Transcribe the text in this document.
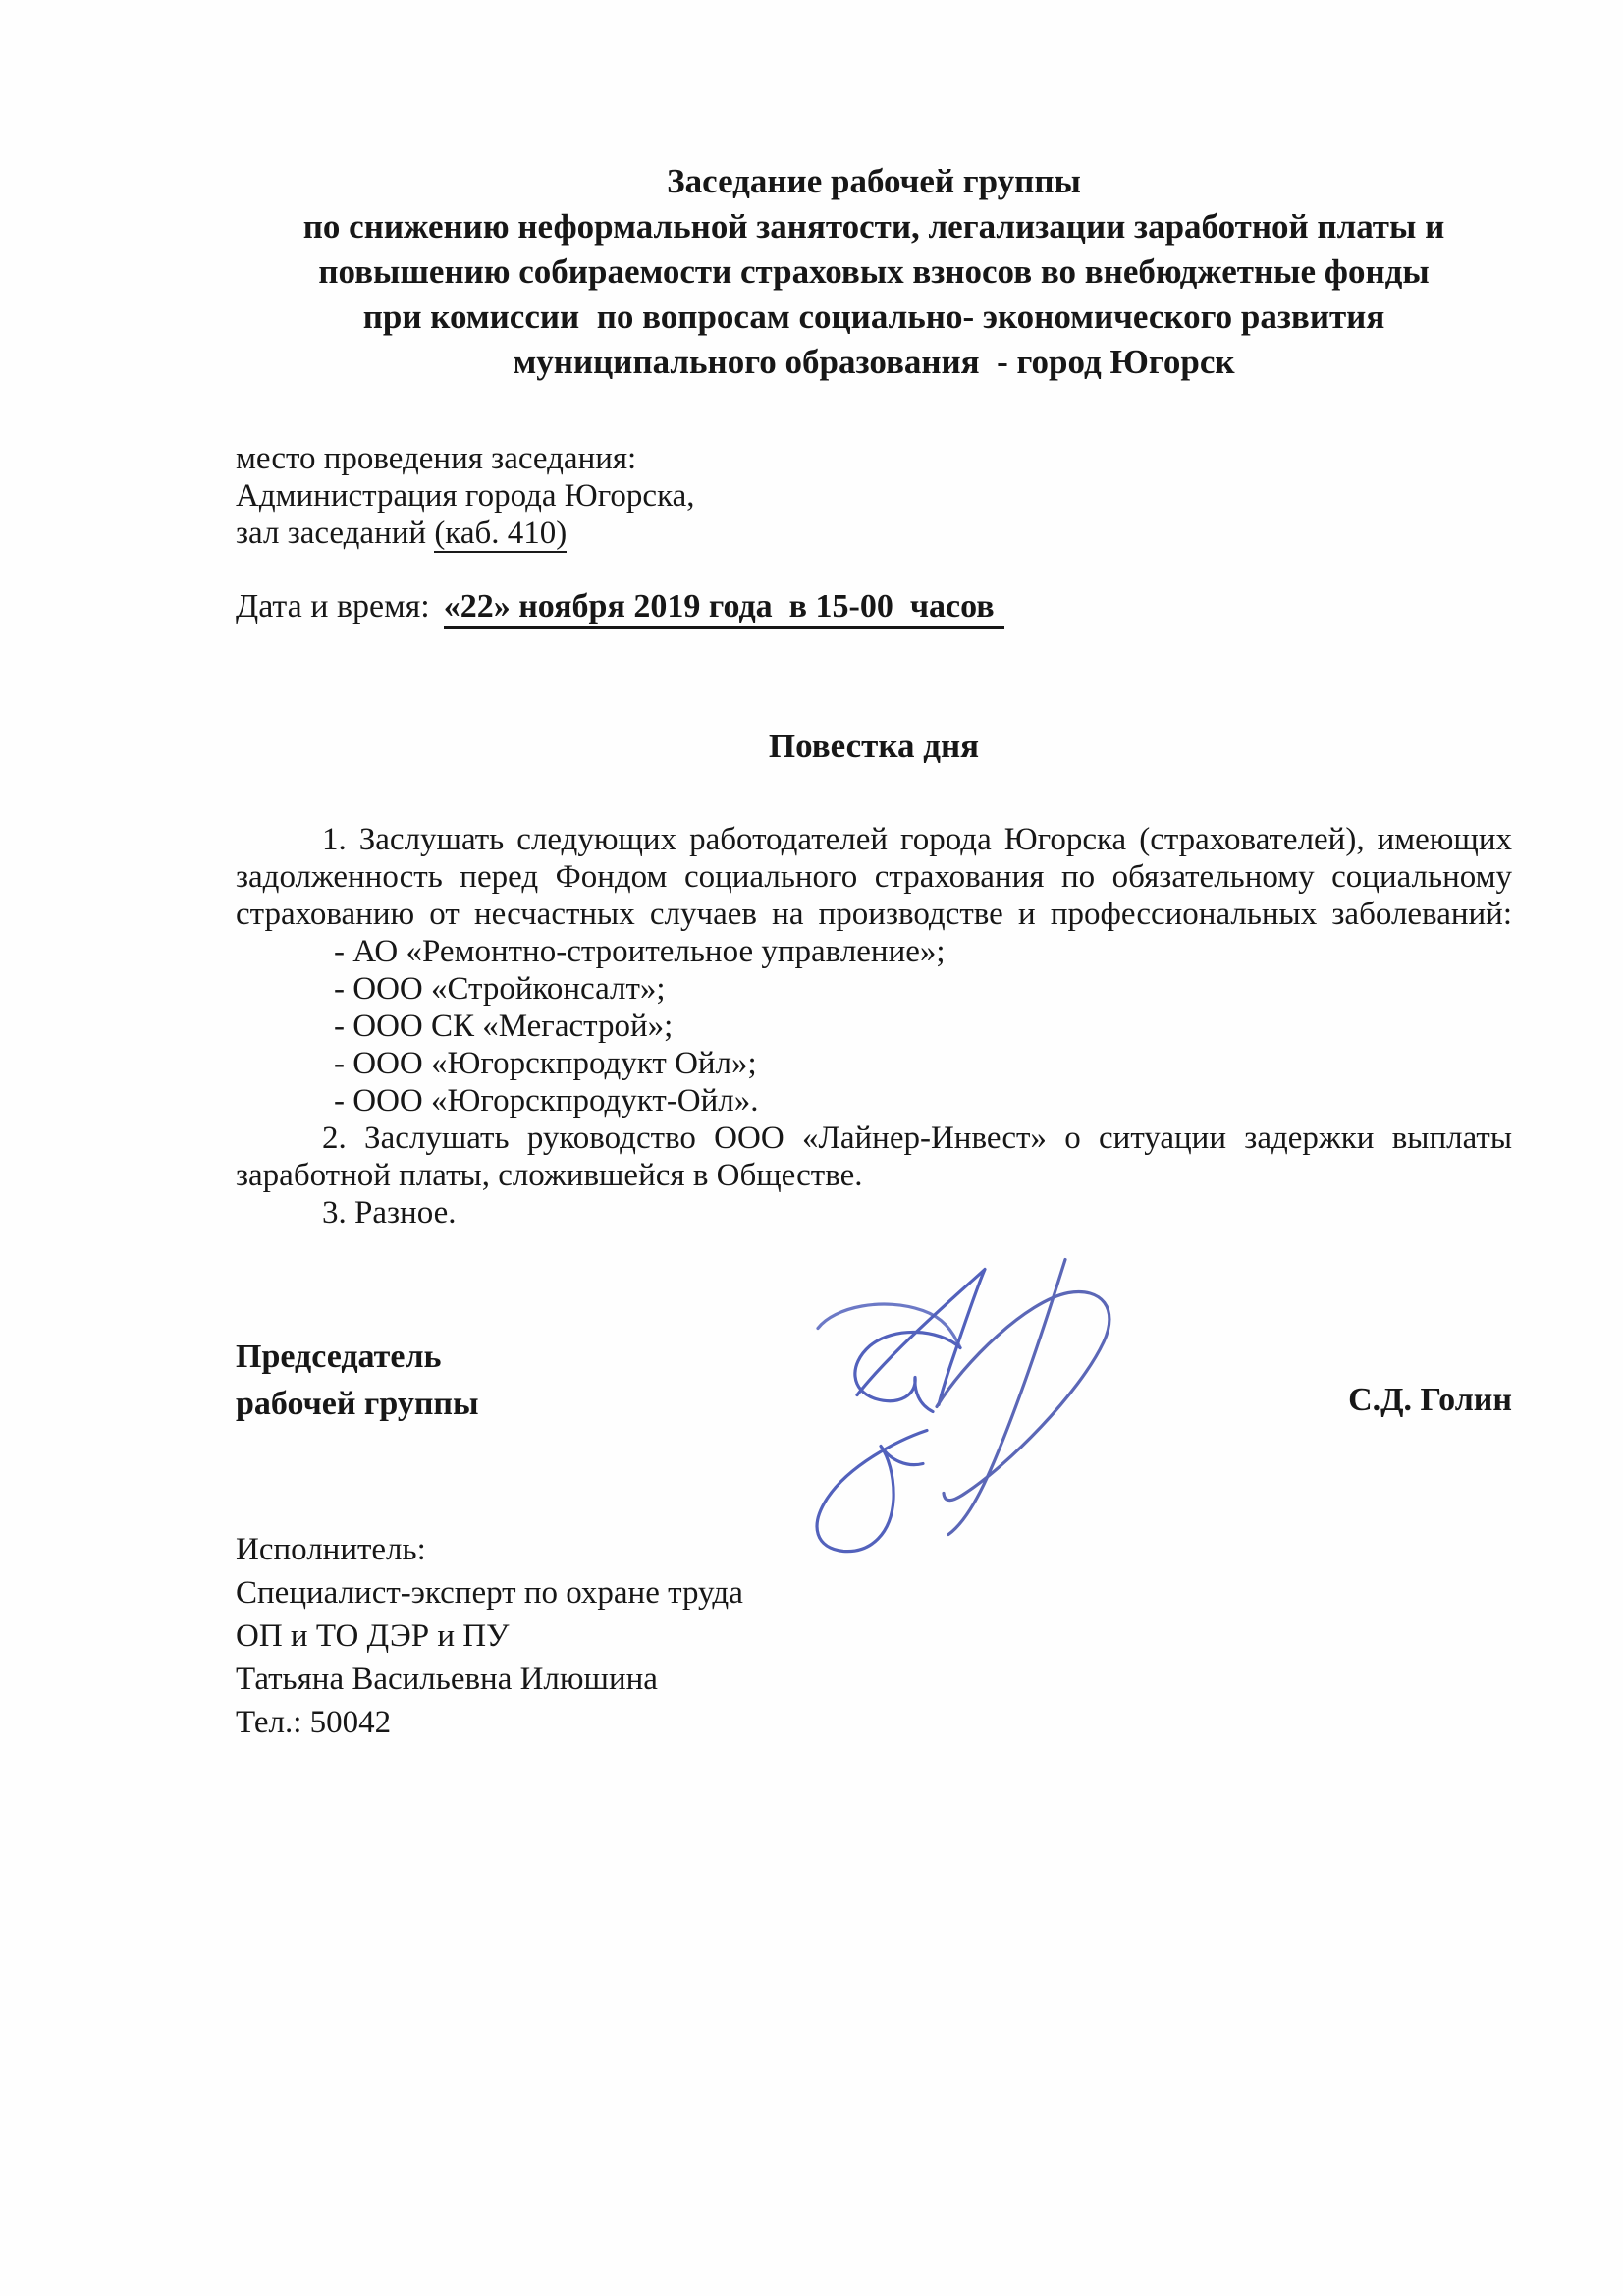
Заседание рабочей группы
по снижению неформальной занятости, легализации заработной платы и
повышению собираемости страховых взносов во внебюджетные фонды
при комиссии  по вопросам социально- экономического развития
муниципального образования  - город Югорск
место проведения заседания:
Администрация города Югорска,
зал заседаний (каб. 410)
Дата и время: «22» ноября 2019 года  в 15-00  часов
Повестка дня
1. Заслушать следующих работодателей города Югорска (страхователей), имеющих
задолженность перед Фондом социального страхования по обязательному социальному
страхованию от несчастных случаев на производстве и профессиональных заболеваний:
- АО «Ремонтно-строительное управление»;
- ООО «Стройконсалт»;
- ООО СК «Мегастрой»;
- ООО «Югорскпродукт Ойл»;
- ООО «Югорскпродукт-Ойл».
2. Заслушать руководство ООО «Лайнер-Инвест» о ситуации задержки выплаты
заработной платы, сложившейся в Обществе.
3. Разное.
Председатель
рабочей группы	С.Д. Голин
Исполнитель:
Специалист-эксперт по охране труда
ОП и ТО ДЭР и ПУ
Татьяна Васильевна Илюшина
Тел.: 50042
